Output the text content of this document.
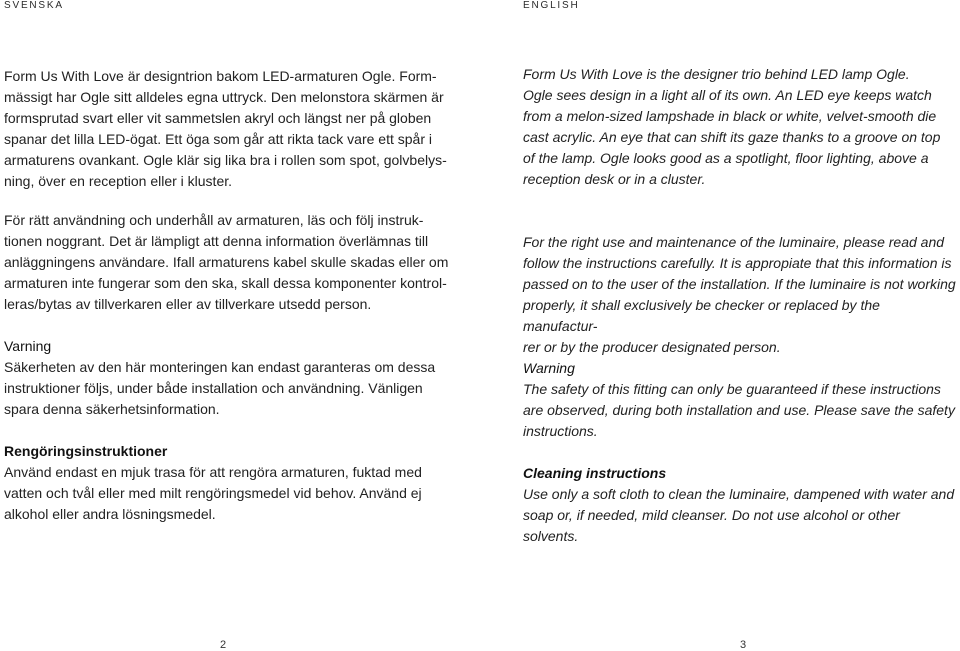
SVENSKA
Form Us With Love är designtrion bakom LED-armaturen Ogle. Form-
mässigt har Ogle sitt alldeles egna uttryck. Den melonstora skärmen är
formsprutad svart eller vit sammetslen akryl och längst ner på globen
spanar det lilla LED-ögat. Ett öga som går att rikta tack vare ett spår i
armaturens ovankant. Ogle klär sig lika bra i rollen som spot, golvbelys-
ning, över en reception eller i kluster.
För rätt användning och underhåll av armaturen, läs och följ instruk-
tionen noggrant. Det är lämpligt att denna information överlämnas till
anläggningens användare. Ifall armaturens kabel skulle skadas eller om
armaturen inte fungerar som den ska, skall dessa komponenter kontrol-
leras/bytas av tillverkaren eller av tillverkare utsedd person.
Varning
Säkerheten av den här monteringen kan endast garanteras om dessa
instruktioner följs, under både installation och användning. Vänligen
spara denna säkerhetsinformation.
Rengöringsinstruktioner
Använd endast en mjuk trasa för att rengöra armaturen, fuktad med
vatten och tvål eller med milt rengöringsmedel vid behov. Använd ej
alkohol eller andra lösningsmedel.
ENGLISH
Form Us With Love is the designer trio behind LED lamp Ogle.
Ogle sees design in a light all of its own. An LED eye keeps watch
from a melon-sized lampshade in black or white, velvet-smooth die
cast acrylic. An eye that can shift its gaze thanks to a groove on top
of the lamp. Ogle looks good as a spotlight, floor lighting, above a
reception desk or in a cluster.
For the right use and maintenance of the luminaire, please read and
follow the instructions carefully. It is appropiate that this information is
passed on to the user of the installation. If the luminaire is not working
properly, it shall exclusively be checker or replaced by the manufactur-
rer or by the producer designated person.
Warning
The safety of this fitting can only be guaranteed if these instructions
are observed, during both installation and use. Please save the safety
instructions.
Cleaning instructions
Use only a soft cloth to clean the luminaire, dampened with water and
soap or, if needed, mild cleanser. Do not use alcohol or other solvents.
2	3
